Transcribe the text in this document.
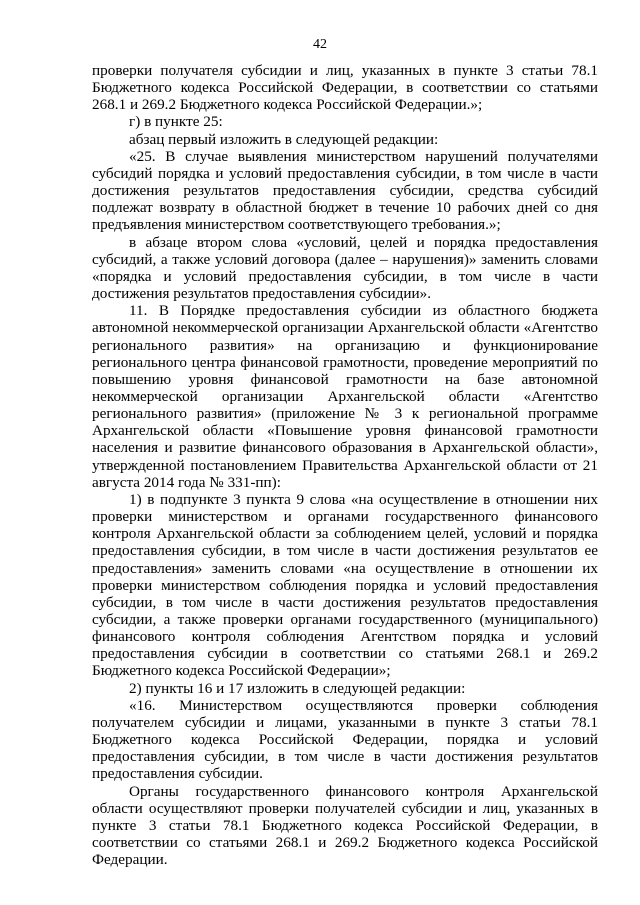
42

проверки получателя субсидии и лиц, указанных в пункте 3 статьи 78.1 Бюджетного кодекса Российской Федерации, в соответствии со статьями 268.1 и 269.2 Бюджетного кодекса Российской Федерации.»;

г) в пункте 25:

абзац первый изложить в следующей редакции:

«25. В случае выявления министерством нарушений получателями субсидий порядка и условий предоставления субсидии, в том числе в части достижения результатов предоставления субсидии, средства субсидий подлежат возврату в областной бюджет в течение 10 рабочих дней со дня предъявления министерством соответствующего требования.»;

в абзаце втором слова «условий, целей и порядка предоставления субсидий, а также условий договора (далее – нарушения)» заменить словами «порядка и условий предоставления субсидии, в том числе в части достижения результатов предоставления субсидии».

11. В Порядке предоставления субсидии из областного бюджета автономной некоммерческой организации Архангельской области «Агентство регионального развития» на организацию и функционирование регионального центра финансовой грамотности, проведение мероприятий по повышению уровня финансовой грамотности на базе автономной некоммерческой организации Архангельской области «Агентство регионального развития» (приложение № 3 к региональной программе Архангельской области «Повышение уровня финансовой грамотности населения и развитие финансового образования в Архангельской области», утвержденной постановлением Правительства Архангельской области от 21 августа 2014 года № 331-пп):

1) в подпункте 3 пункта 9 слова «на осуществление в отношении них проверки министерством и органами государственного финансового контроля Архангельской области за соблюдением целей, условий и порядка предоставления субсидии, в том числе в части достижения результатов ее предоставления» заменить словами «на осуществление в отношении их проверки министерством соблюдения порядка и условий предоставления субсидии, в том числе в части достижения результатов предоставления субсидии, а также проверки органами государственного (муниципального) финансового контроля соблюдения Агентством порядка и условий предоставления субсидии в соответствии со статьями 268.1 и 269.2 Бюджетного кодекса Российской Федерации»;

2) пункты 16 и 17 изложить в следующей редакции:

«16. Министерством осуществляются проверки соблюдения получателем субсидии и лицами, указанными в пункте 3 статьи 78.1 Бюджетного кодекса Российской Федерации, порядка и условий предоставления субсидии, в том числе в части достижения результатов предоставления субсидии.

Органы государственного финансового контроля Архангельской области осуществляют проверки получателей субсидии и лиц, указанных в пункте 3 статьи 78.1 Бюджетного кодекса Российской Федерации, в соответствии со статьями 268.1 и 269.2 Бюджетного кодекса Российской Федерации.
